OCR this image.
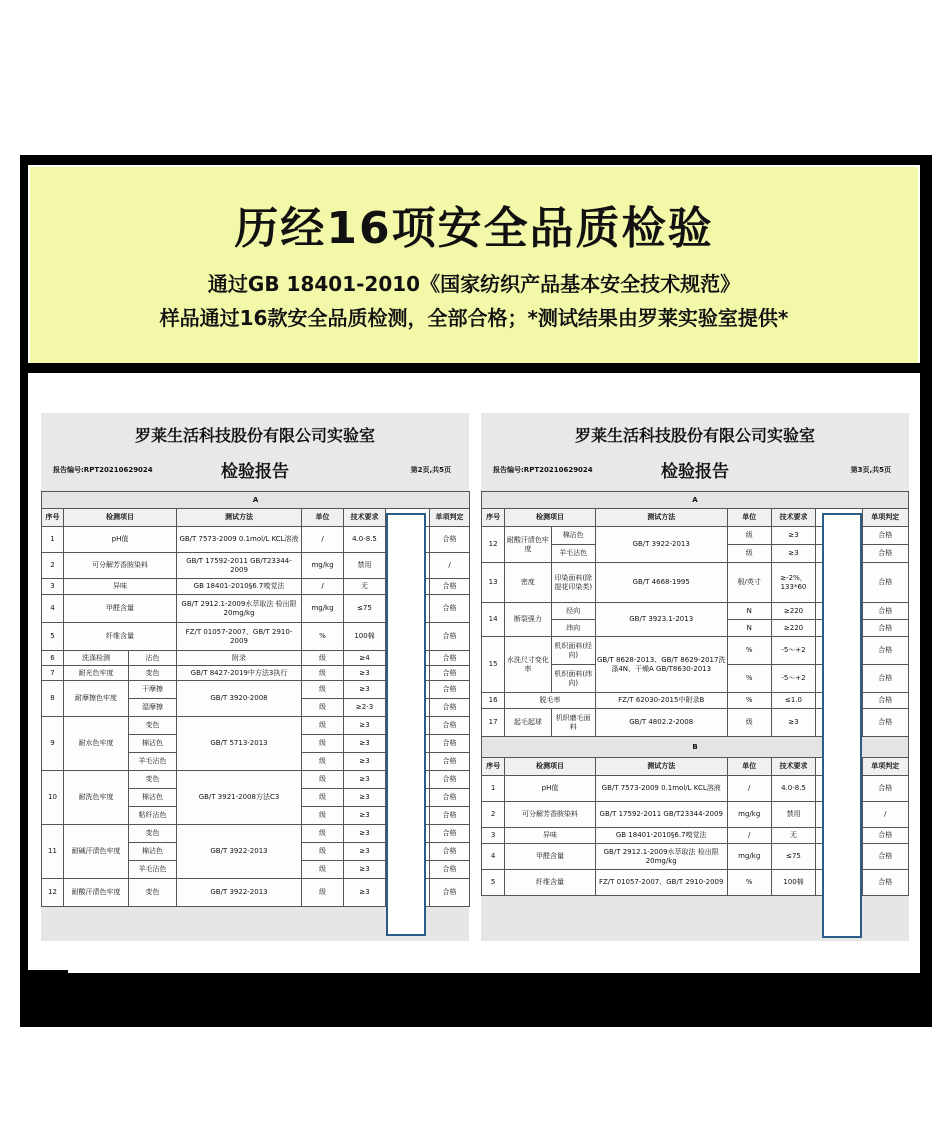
历经16项安全品质检验
通过GB 18401-2010《国家纺织产品基本安全技术规范》
样品通过16款安全品质检测，全部合格；*测试结果由罗莱实验室提供*
罗莱生活科技股份有限公司实验室
报告编号:RPT20210629024	检验报告	第2页,共5页
A							
序号	检测项目		测试方法	单位	技术要求		单项判定
1	pH值		GB/T 7573-2009 0.1mol/L KCL溶液	/	4.0-8.5		合格
2	可分解芳香胺染料		GB/T 17592-2011 GB/T23344-2009	mg/kg	禁用		/
3	异味		GB 18401-2010§6.7嗅觉法	/	无		合格
4	甲醛含量		GB/T 2912.1-2009水萃取法 检出限20mg/kg	mg/kg	≤75		合格
5	纤维含量		FZ/T 01057-2007、GB/T 2910-2009	%	100棉		合格
6	洗涤检测	沾色	附录	级	≥4		合格
7	耐光色牢度	变色	GB/T 8427-2019中方法3执行	级	≥3		合格
8	耐摩擦色牢度	干摩擦	GB/T 3920-2008	级	≥3		合格
		湿摩擦		级	≥2-3		合格
9	耐水色牢度	变色	GB/T 5713-2013	级	≥3		合格
		棉沾色		级	≥3		合格
		羊毛沾色		级	≥3		合格
10	耐洗色牢度	变色	GB/T 3921-2008方法C3	级	≥3		合格
		棉沾色		级	≥3		合格
		粘纤沾色		级	≥3		合格
11	耐碱汗渍色牢度	变色	GB/T 3922-2013	级	≥3		合格
		棉沾色		级	≥3		合格
		羊毛沾色		级	≥3		合格
12	耐酸汗渍色牢度	变色	GB/T 3922-2013	级	≥3		合格
罗莱生活科技股份有限公司实验室
报告编号:RPT20210629024	检验报告	第3页,共5页
A							
序号	检测项目		测试方法	单位	技术要求		单项判定
12	耐酸汗渍色牢度	棉沾色	GB/T 3922-2013	级	≥3		合格
		羊毛沾色		级	≥3		合格
13	密度	印染面料(除提花印染类)	GB/T 4668-1995	根/英寸	≥-2%，133*60		合格
14	断裂强力	经向	GB/T 3923.1-2013	N	≥220		合格
		纬向		N	≥220		合格
15	水洗尺寸变化率	机织面料(经向)	GB/T 8628-2013、GB/T 8629-2017洗涤4N、干燥A GB/T8630-2013	%	-5～+2		合格
		机织面料(纬向)		%	-5～+2		合格
16	脱毛率		FZ/T 62030-2015中附录B	%	≤1.0		合格
17	起毛起球	机织磨毛面料	GB/T 4802.2-2008	级	≥3		合格
B							
序号	检测项目		测试方法	单位	技术要求		单项判定
1	pH值		GB/T 7573-2009 0.1mol/L KCL溶液	/	4.0-8.5		合格
2	可分解芳香胺染料		GB/T 17592-2011 GB/T23344-2009	mg/kg	禁用		/
3	异味		GB 18401-2010§6.7嗅觉法	/	无		合格
4	甲醛含量		GB/T 2912.1-2009水萃取法 检出限20mg/kg	mg/kg	≤75		合格
5	纤维含量		FZ/T 01057-2007、GB/T 2910-2009	%	100棉		合格
